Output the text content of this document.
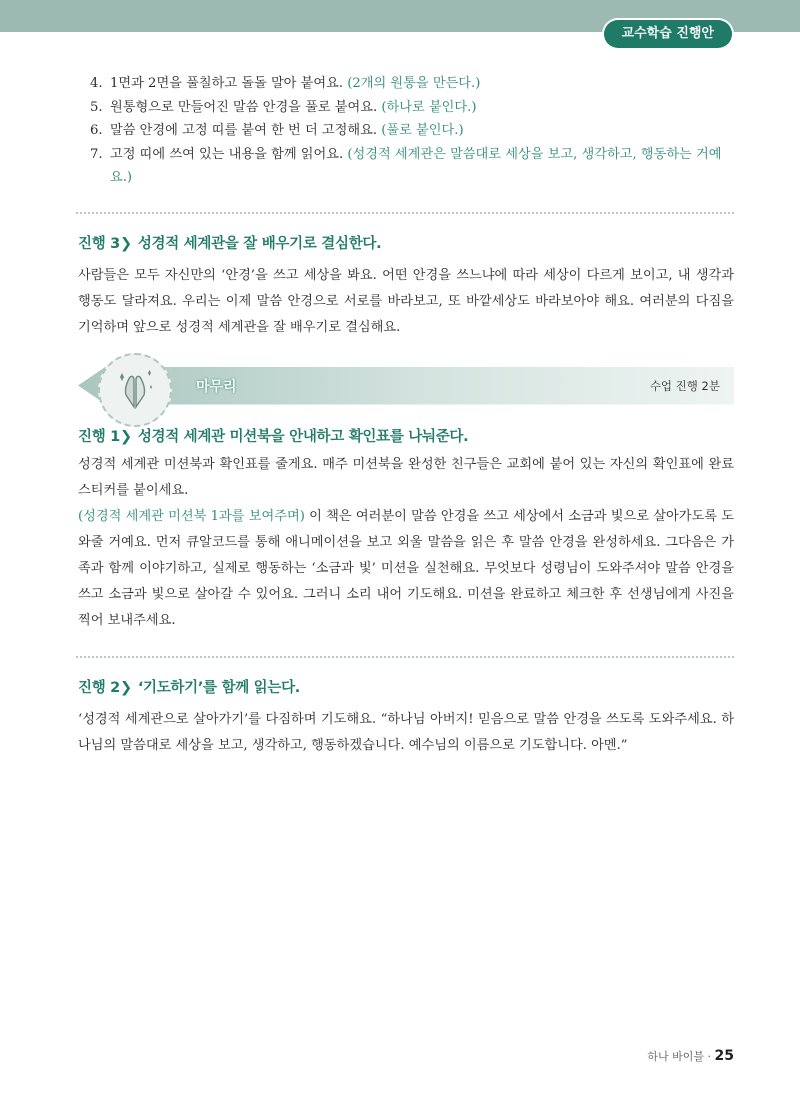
교수학습 진행안
4. 1면과 2면을 풀칠하고 돌돌 말아 붙여요. (2개의 원통을 만든다.)
5. 원통형으로 만들어진 말씀 안경을 풀로 붙여요. (하나로 붙인다.)
6. 말씀 안경에 고정 띠를 붙여 한 번 더 고정해요. (풀로 붙인다.)
7. 고정 띠에 쓰여 있는 내용을 함께 읽어요. (성경적 세계관은 말씀대로 세상을 보고, 생각하고, 행동하는 거예요.)
진행 3❯ 성경적 세계관을 잘 배우기로 결심한다.

사람들은 모두 자신만의 ‘안경’을 쓰고 세상을 봐요. 어떤 안경을 쓰느냐에 따라 세상이 다르게 보이고, 내 생각과 행동도 달라져요. 우리는 이제 말씀 안경으로 서로를 바라보고, 또 바깥세상도 바라보아야 해요. 여러분의 다짐을 기억하며 앞으로 성경적 세계관을 잘 배우기로 결심해요.

마무리	수업 진행 2분
진행 1❯ 성경적 세계관 미션북을 안내하고 확인표를 나눠준다.

성경적 세계관 미션북과 확인표를 줄게요. 매주 미션북을 완성한 친구들은 교회에 붙어 있는 자신의 확인표에 완료 스티커를 붙이세요.

(성경적 세계관 미션북 1과를 보여주며) 이 책은 여러분이 말씀 안경을 쓰고 세상에서 소금과 빛으로 살아가도록 도와줄 거예요. 먼저 큐알코드를 통해 애니메이션을 보고 외울 말씀을 읽은 후 말씀 안경을 완성하세요. 그다음은 가족과 함께 이야기하고, 실제로 행동하는 ‘소금과 빛’ 미션을 실천해요. 무엇보다 성령님이 도와주셔야 말씀 안경을 쓰고 소금과 빛으로 살아갈 수 있어요. 그러니 소리 내어 기도해요. 미션을 완료하고 체크한 후 선생님에게 사진을 찍어 보내주세요.

진행 2❯ ‘기도하기’를 함께 읽는다.

‘성경적 세계관으로 살아가기’를 다짐하며 기도해요. “하나님 아버지! 믿음으로 말씀 안경을 쓰도록 도와주세요. 하나님의 말씀대로 세상을 보고, 생각하고, 행동하겠습니다. 예수님의 이름으로 기도합니다. 아멘.”

하나 바이블 · 25
